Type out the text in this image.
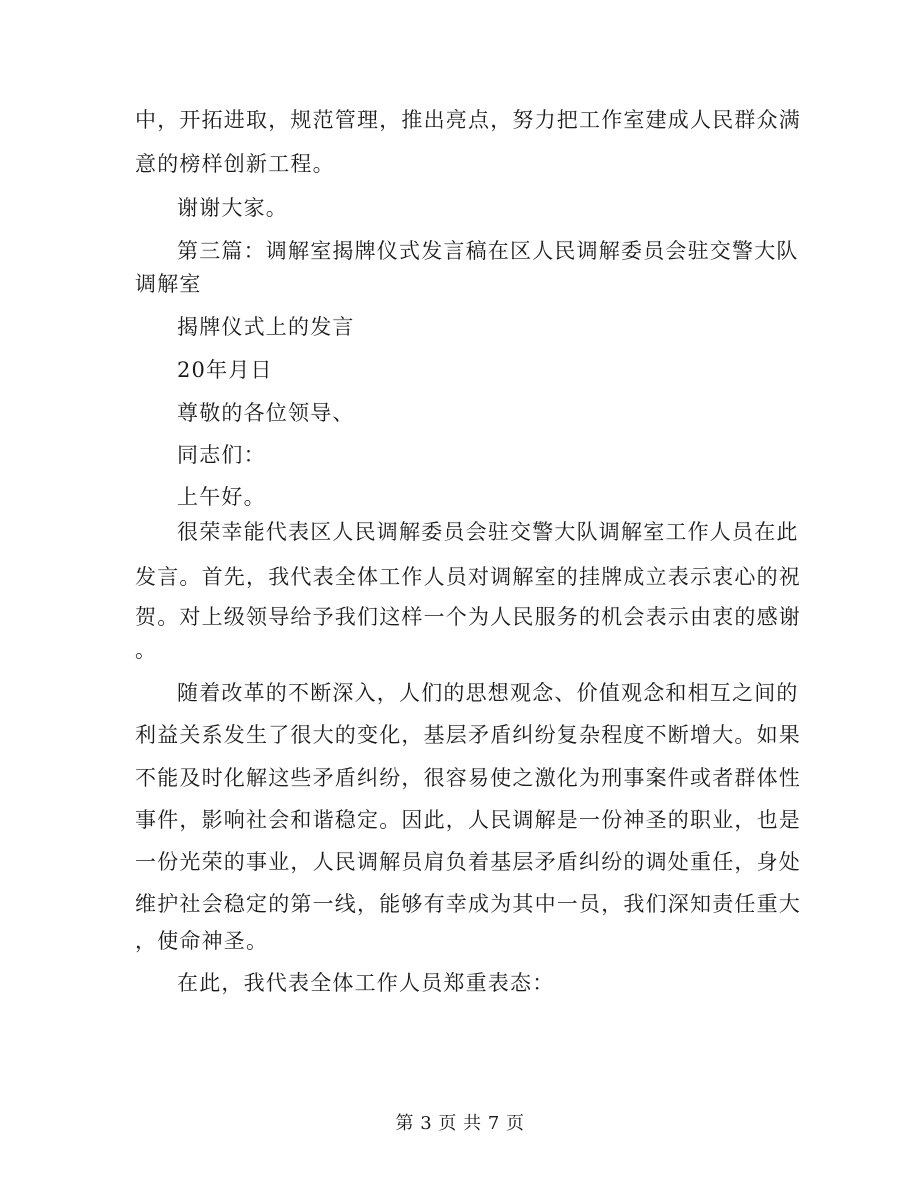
中，开拓进取，规范管理，推出亮点，努力把工作室建成人民群众满
意的榜样创新工程。
谢谢大家。
第三篇：调解室揭牌仪式发言稿在区人民调解委员会驻交警大队
调解室
揭牌仪式上的发言
20年月日
尊敬的各位领导、
同志们：
上午好。
很荣幸能代表区人民调解委员会驻交警大队调解室工作人员在此
发言。首先，我代表全体工作人员对调解室的挂牌成立表示衷心的祝
贺。对上级领导给予我们这样一个为人民服务的机会表示由衷的感谢
。
随着改革的不断深入，人们的思想观念、价值观念和相互之间的
利益关系发生了很大的变化，基层矛盾纠纷复杂程度不断增大。如果
不能及时化解这些矛盾纠纷，很容易使之激化为刑事案件或者群体性
事件，影响社会和谐稳定。因此，人民调解是一份神圣的职业，也是
一份光荣的事业，人民调解员肩负着基层矛盾纠纷的调处重任，身处
维护社会稳定的第一线，能够有幸成为其中一员，我们深知责任重大
，使命神圣。
在此，我代表全体工作人员郑重表态：
第 3 页 共 7 页
